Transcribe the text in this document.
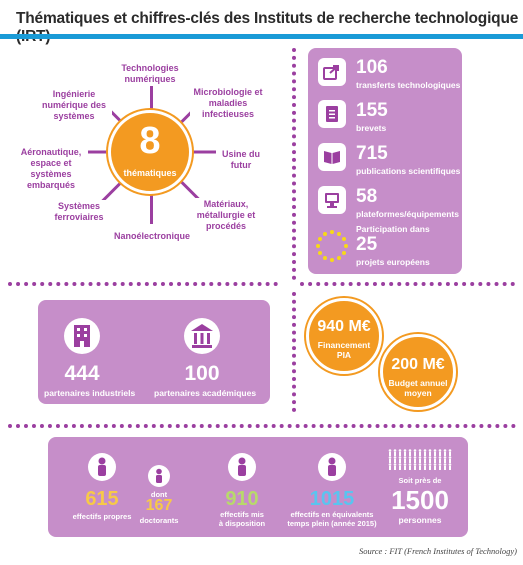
Thématiques et chiffres-clés des Instituts de recherche technologique
8
thématiques
Technologies numériques
Microbiologie et maladies infectieuses
Usine du futur
Matériaux, métallurgie et procédés
Nanoélectronique
Systèmes ferroviaires
Aéronautique, espace et systèmes embarqués
Ingénierie numérique des systèmes
106
transferts technologiques
155
brevets
715
publications scientifiques
58
plateformes/équipements
Participation dans
25
projets européens
444
partenaires industriels
100
partenaires académiques
940 M€
Financement
PIA
200 M€
Budget annuel
moyen
615
effectifs propres
dont
167
doctorants
910
effectifs mis
à disposition
1015
effectifs en équivalents
temps plein (année 2015)
Soit près de
1500
personnes
Source : FIT (French Institutes of Technology)
